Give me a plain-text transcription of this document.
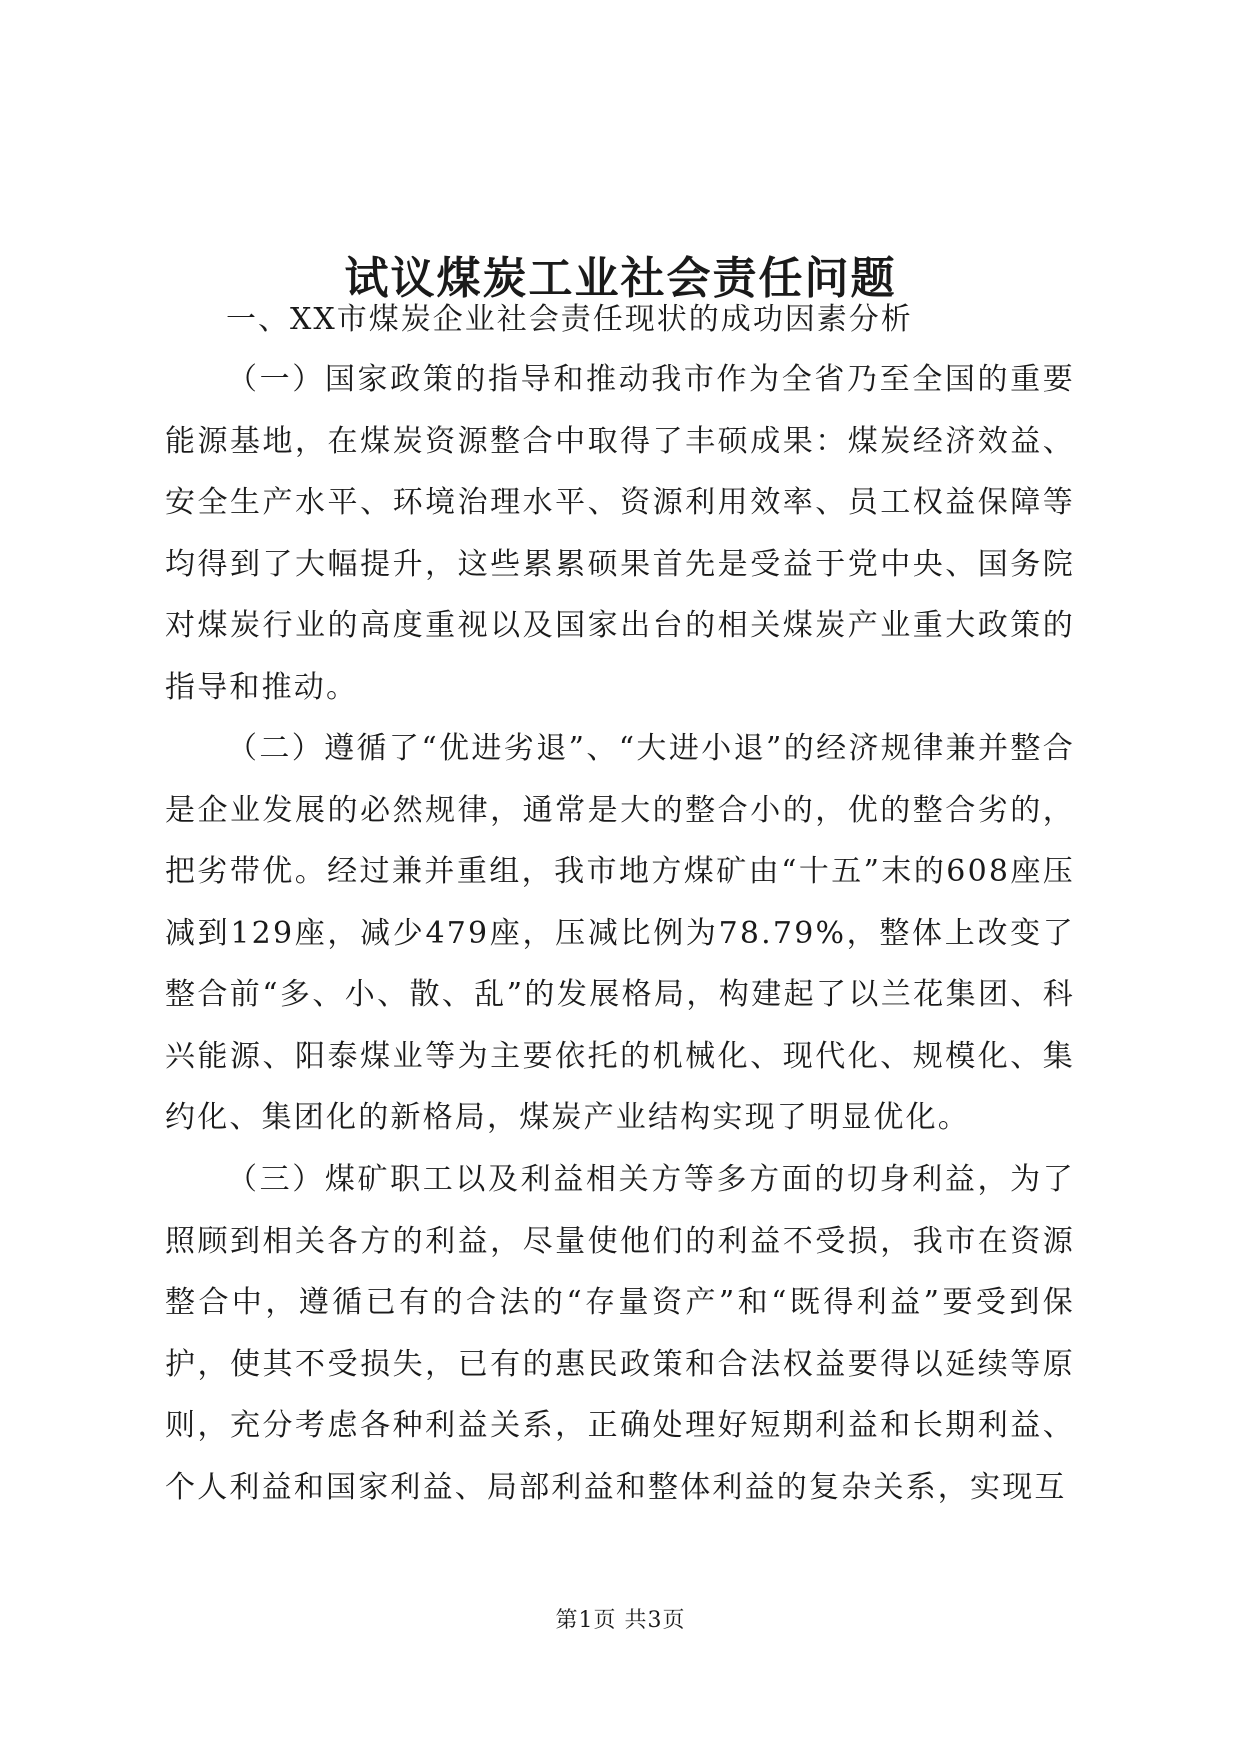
试议煤炭工业社会责任问题
一、XX市煤炭企业社会责任现状的成功因素分析

（一）国家政策的指导和推动我市作为全省乃至全国的重要能源基地，在煤炭资源整合中取得了丰硕成果：煤炭经济效益、安全生产水平、环境治理水平、资源利用效率、员工权益保障等均得到了大幅提升，这些累累硕果首先是受益于党中央、国务院对煤炭行业的高度重视以及国家出台的相关煤炭产业重大政策的指导和推动。

（二）遵循了“优进劣退”、“大进小退”的经济规律兼并整合是企业发展的必然规律，通常是大的整合小的，优的整合劣的，把劣带优。经过兼并重组，我市地方煤矿由“十五”末的608座压减到129座，减少479座，压减比例为78.79%，整体上改变了整合前“多、小、散、乱”的发展格局，构建起了以兰花集团、科兴能源、阳泰煤业等为主要依托的机械化、现代化、规模化、集约化、集团化的新格局，煤炭产业结构实现了明显优化。

（三）煤矿职工以及利益相关方等多方面的切身利益，为了照顾到相关各方的利益，尽量使他们的利益不受损，我市在资源整合中，遵循已有的合法的“存量资产”和“既得利益”要受到保护，使其不受损失，已有的惠民政策和合法权益要得以延续等原则，充分考虑各种利益关系，正确处理好短期利益和长期利益、个人利益和国家利益、局部利益和整体利益的复杂关系，实现互

第1页 共3页
